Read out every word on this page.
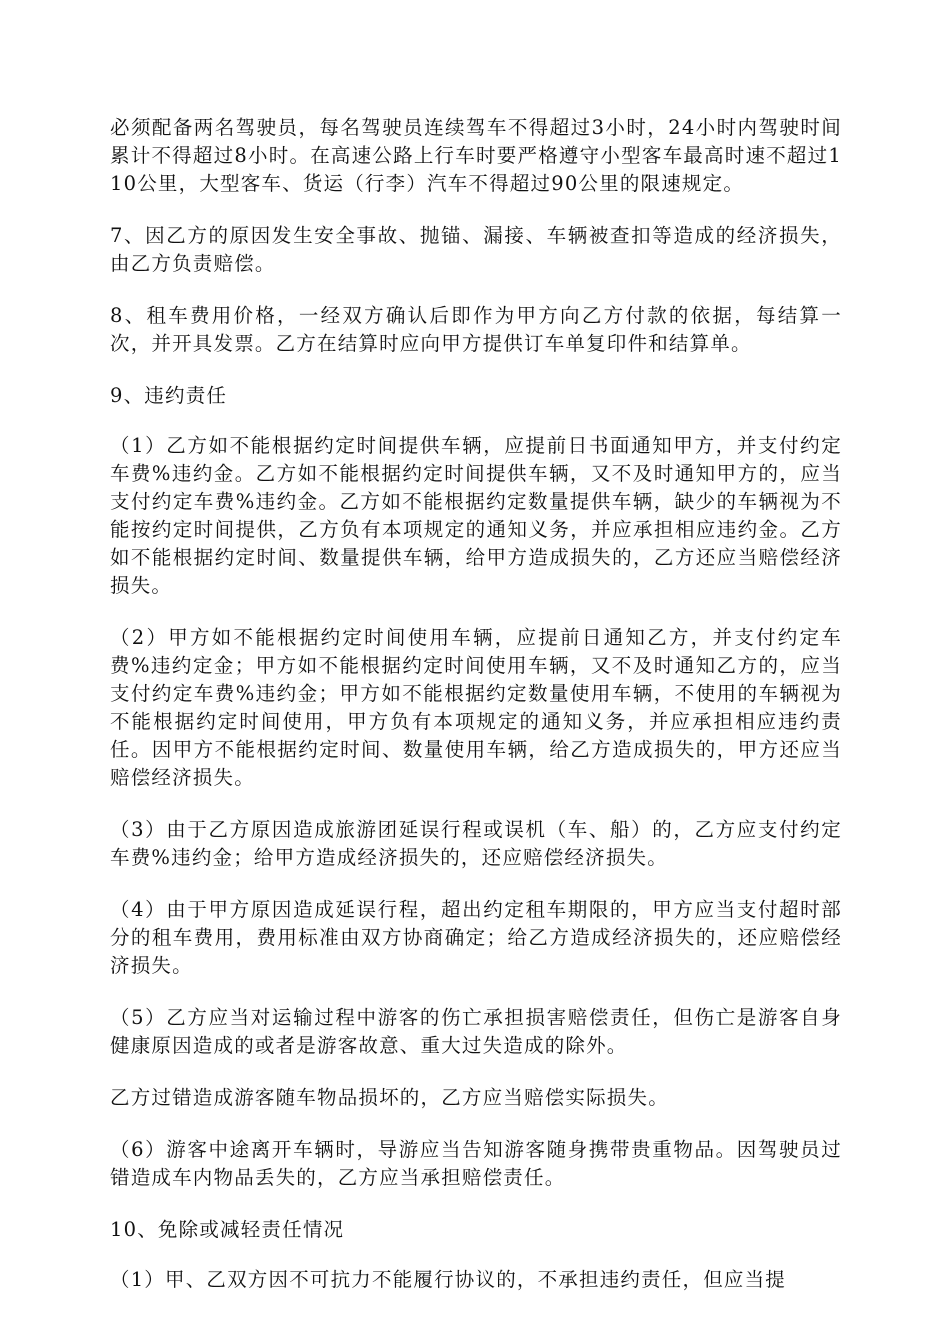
必须配备两名驾驶员，每名驾驶员连续驾车不得超过3小时，24小时内驾驶时间累计不得超过8小时。在高速公路上行车时要严格遵守小型客车最高时速不超过110公里，大型客车、货运（行李）汽车不得超过90公里的限速规定。

7、因乙方的原因发生安全事故、抛锚、漏接、车辆被查扣等造成的经济损失，由乙方负责赔偿。

8、租车费用价格，一经双方确认后即作为甲方向乙方付款的依据，每结算一次，并开具发票。乙方在结算时应向甲方提供订车单复印件和结算单。

9、违约责任

（1）乙方如不能根据约定时间提供车辆，应提前日书面通知甲方，并支付约定车费%违约金。乙方如不能根据约定时间提供车辆，又不及时通知甲方的，应当支付约定车费%违约金。乙方如不能根据约定数量提供车辆，缺少的车辆视为不能按约定时间提供，乙方负有本项规定的通知义务，并应承担相应违约金。乙方如不能根据约定时间、数量提供车辆，给甲方造成损失的，乙方还应当赔偿经济损失。

（2）甲方如不能根据约定时间使用车辆，应提前日通知乙方，并支付约定车费%违约定金；甲方如不能根据约定时间使用车辆，又不及时通知乙方的，应当支付约定车费%违约金；甲方如不能根据约定数量使用车辆，不使用的车辆视为不能根据约定时间使用，甲方负有本项规定的通知义务，并应承担相应违约责任。因甲方不能根据约定时间、数量使用车辆，给乙方造成损失的，甲方还应当赔偿经济损失。

（3）由于乙方原因造成旅游团延误行程或误机（车、船）的，乙方应支付约定车费%违约金；给甲方造成经济损失的，还应赔偿经济损失。

（4）由于甲方原因造成延误行程，超出约定租车期限的，甲方应当支付超时部分的租车费用，费用标准由双方协商确定；给乙方造成经济损失的，还应赔偿经济损失。

（5）乙方应当对运输过程中游客的伤亡承担损害赔偿责任，但伤亡是游客自身健康原因造成的或者是游客故意、重大过失造成的除外。

乙方过错造成游客随车物品损坏的，乙方应当赔偿实际损失。

（6）游客中途离开车辆时，导游应当告知游客随身携带贵重物品。因驾驶员过错造成车内物品丢失的，乙方应当承担赔偿责任。

10、免除或减轻责任情况

（1）甲、乙双方因不可抗力不能履行协议的，不承担违约责任，但应当提
